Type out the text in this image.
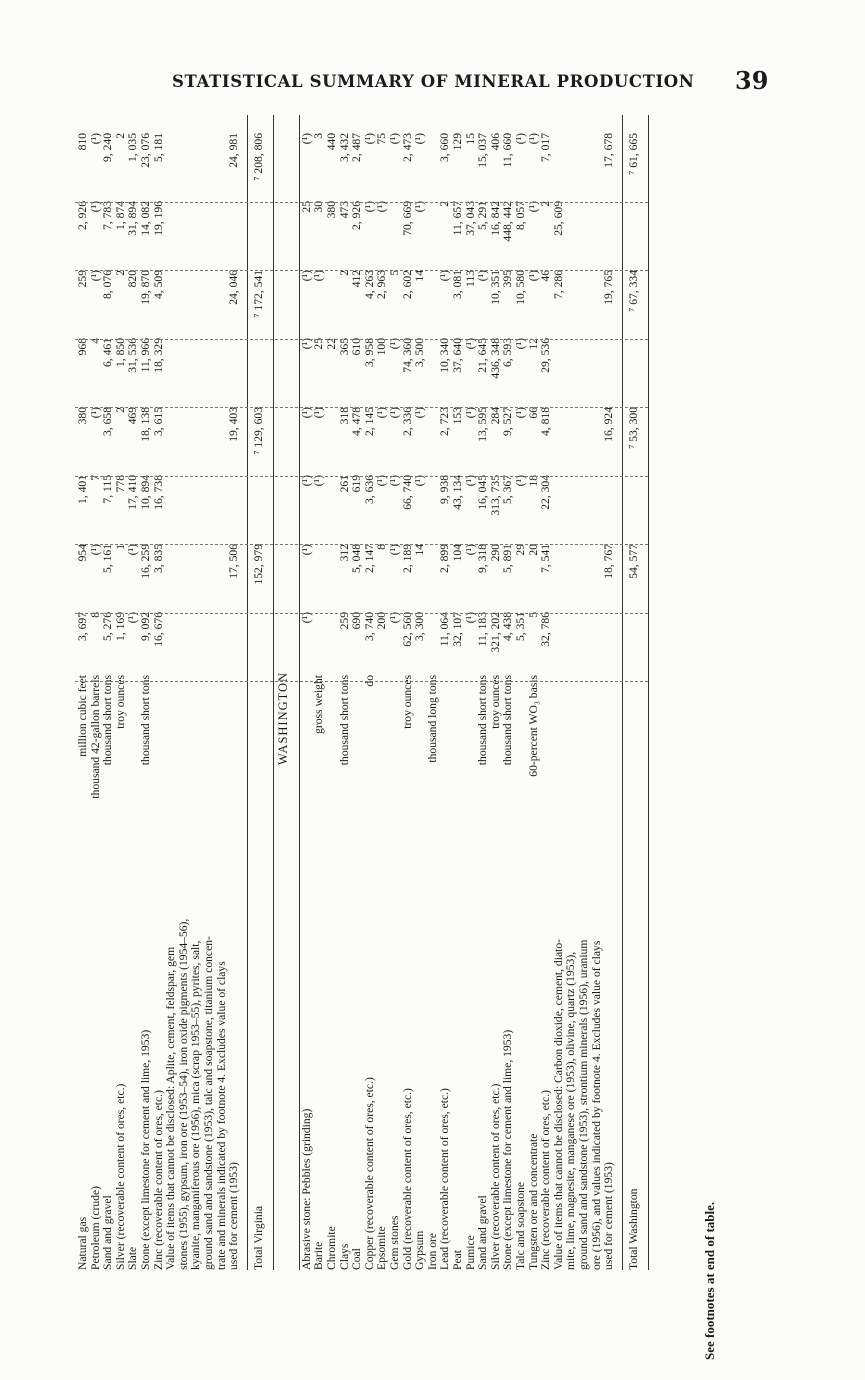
STATISTICAL SUMMARY OF MINERAL PRODUCTION 39
Natural gas
million cubic feet
3, 697
954
1, 401
380
968
259
2, 926
810
Petroleum (crude)
thousand 42-gallon barrels
8
(¹)
7
(¹)
4
(¹)
(¹)
(¹)
Sand and gravel
thousand short tons
5, 276
5, 161
7, 115
3, 658
6, 461
8, 076
7, 783
9, 240
Silver (recoverable content of ores, etc.)
troy ounces
1, 169
1
778
2
1, 850
2
1, 874
2
Slate
(¹)
(¹)
17, 410
469
31, 536
820
31, 894
1, 035
Stone (except limestone for cement and lime, 1953)
thousand short tons
9, 092
16, 259
10, 894
18, 138
11, 966
19, 870
14, 082
23, 076
Zinc (recoverable content of ores, etc.)
16, 676
3, 835
16, 738
3, 615
18, 329
4, 509
19, 196
5, 181
Value of items that cannot be disclosed: Aplite, cement, feldspar, gem stones (1955), gypsum, iron ore (1953–54), iron oxide pigments (1954–56), kyanite, manganiferous ore (1956), mica (scrap 1953–55), pyrites, salt, ground sand and sandstone (1953), talc and soapstone, titanium concen- trate and minerals indicated by footnote 4. Excludes value of clays used for cement (1953)
17, 506
19, 403
24, 046
24, 981
Total Virginia
152, 979
⁷ 129, 603
⁷ 172, 541
⁷ 208, 806
WASHINGTON
Abrasive stone: Pebbles (grinding)
(¹)
(¹)
(¹)
(¹)
(¹)
(¹)
25
(¹)
Barite
gross weight
(¹)
(¹)
25
(¹)
30
3
Chromite
22
380
440
Clays
thousand short tons
259
312
261
318
365
2
473
3, 432
Coal
690
5, 048
619
4, 478
610
412
2, 926
2, 487
Copper (recoverable content of ores, etc.)
do
3, 740
2, 147
3, 636
2, 145
3, 958
4, 263
(¹)
(¹)
Epsomite
200
8
(¹)
(¹)
100
2, 963
(¹)
75
Gem stones
(¹)
(¹)
(¹)
(¹)
(¹)
5
(¹)
Gold (recoverable content of ores, etc.)
troy ounces
62, 560
2, 189
66, 740
2, 336
74, 360
2, 602
70, 669
2, 473
Gypsum
3, 300
14
(¹)
(¹)
3, 500
14
(¹)
(¹)
Iron ore
thousand long tons
Lead (recoverable content of ores, etc.)
11, 064
2, 899
9, 938
2, 723
10, 340
(¹)
2
3, 660
Peat
32, 107
104
43, 134
153
37, 640
3, 081
11, 657
129
Pumice
(¹)
(¹)
(¹)
(¹)
(¹)
113
37, 043
15
Sand and gravel
thousand short tons
11, 183
9, 318
16, 045
13, 595
21, 645
(¹)
5, 291
15, 037
Silver (recoverable content of ores, etc.)
troy ounces
321, 202
290
313, 735
284
436, 348
10, 351
16, 842
406
Stone (except limestone for cement and lime, 1953)
thousand short tons
4, 438
5, 891
5, 367
9, 527
6, 593
395
448, 442
11, 660
Talc and soapstone
5, 351
29
(¹)
(¹)
(¹)
10, 580
8, 057
(¹)
Tungsten ore and concentrate
60-percent WO₃ basis
5
20
18
66
12
(¹)
(¹)
(¹)
Zinc (recoverable content of ores, etc.)
32, 786
7, 541
22, 304
4, 818
29, 536
46
2
7, 017
Value of items that cannot be disclosed: Carbon dioxide, cement, diato-
7, 286
25, 609
mite, lime, magnesite, manganese ore (1953), olivine, quartz (1953), ground sand and sandstone (1953), strontium minerals (1956), uranium ore (1956), and values indicated by footnote 4. Excludes value of clays used for cement (1953)
18, 767
16, 924
19, 765
17, 678
Total Washington
54, 577
⁷ 53, 300
⁷ 67, 334
⁷ 61, 665
See footnotes at end of table.
